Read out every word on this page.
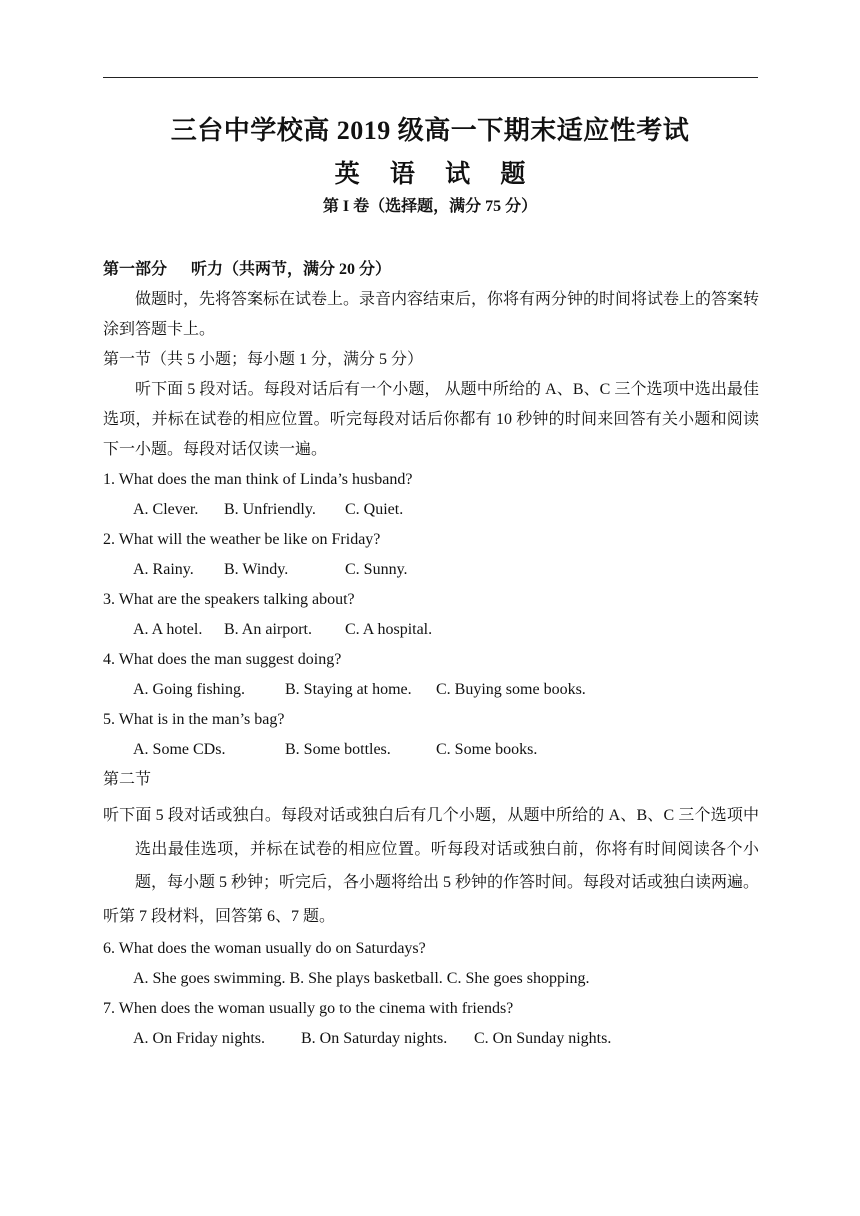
三台中学校高 2019 级高一下期末适应性考试
英 语 试 题
第 I 卷（选择题，满分 75 分）
第一部分 听力（共两节，满分 20 分）
做题时，先将答案标在试卷上。录音内容结束后，你将有两分钟的时间将试卷上的答案转涂到答题卡上。
第一节（共 5 小题；每小题 1 分，满分 5 分）
听下面 5 段对话。每段对话后有一个小题， 从题中所给的 A、B、C 三个选项中选出最佳选项，并标在试卷的相应位置。听完每段对话后你都有 10 秒钟的时间来回答有关小题和阅读下一小题。每段对话仅读一遍。
1. What does the man think of Linda’s husband?
A. Clever. B. Unfriendly. C. Quiet.
2. What will the weather be like on Friday?
A. Rainy. B. Windy.	C. Sunny.
3. What are the speakers talking about?
A. A hotel. B. An airport. C. A hospital.
4. What does the man suggest doing?
A. Going fishing.	B. Staying at home. C. Buying some books.
5. What is in the man’s bag?
A. Some CDs.	B. Some bottles.	C. Some books.
第二节
听下面 5 段对话或独白。每段对话或独白后有几个小题，从题中所给的 A、B、C 三个选项中选出最佳选项，并标在试卷的相应位置。听每段对话或独白前，你将有时间阅读各个小题，每小题 5 秒钟；听完后，各小题将给出 5 秒钟的作答时间。每段对话或独白读两遍。
听第 7 段材料，回答第 6、7 题。
6. What does the woman usually do on Saturdays?
A. She goes swimming. B. She plays basketball. C. She goes shopping.
7. When does the woman usually go to the cinema with friends?
A. On Friday nights. B. On Saturday nights. C. On Sunday nights.
